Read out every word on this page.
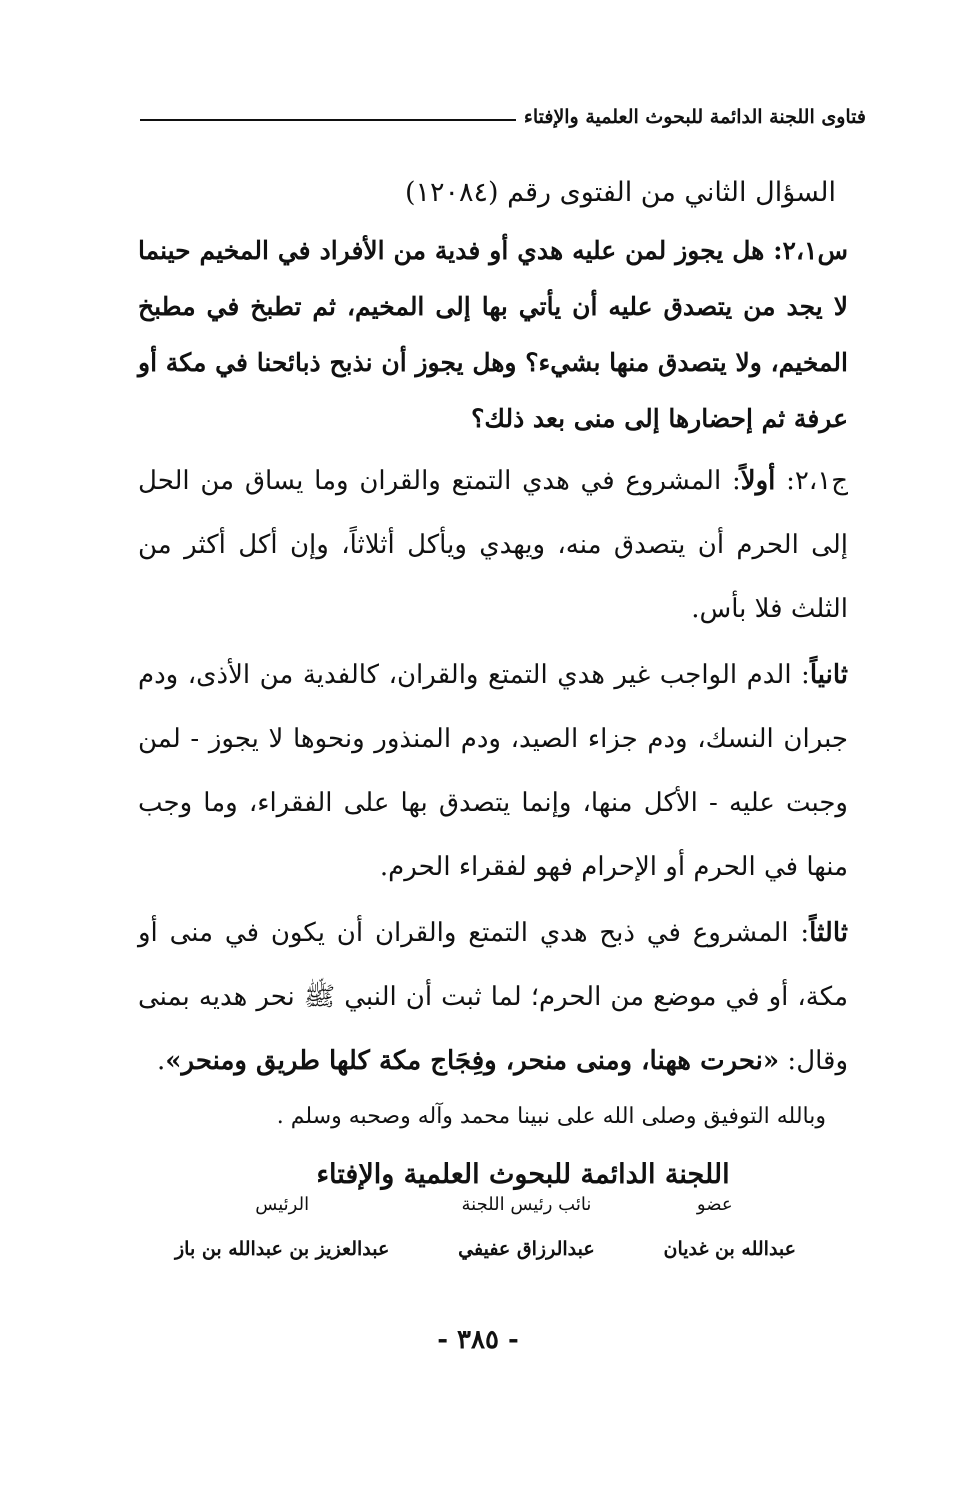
فتاوى اللجنة الدائمة للبحوث العلمية والإفتاء
السؤال الثاني من الفتوى رقم (١٢٠٨٤)
س٢،١: هل يجوز لمن عليه هدي أو فدية من الأفراد في المخيم حينما لا يجد من يتصدق عليه أن يأتي بها إلى المخيم، ثم تطبخ في مطبخ المخيم، ولا يتصدق منها بشيء؟ وهل يجوز أن نذبح ذبائحنا في مكة أو عرفة ثم إحضارها إلى منى بعد ذلك؟
ج٢،١: أولاً: المشروع في هدي التمتع والقران وما يساق من الحل إلى الحرم أن يتصدق منه، ويهدي ويأكل أثلاثاً، وإن أكل أكثر من الثلث فلا بأس.
ثانياً: الدم الواجب غير هدي التمتع والقران، كالفدية من الأذى، ودم جبران النسك، ودم جزاء الصيد، ودم المنذور ونحوها لا يجوز - لمن وجبت عليه - الأكل منها، وإنما يتصدق بها على الفقراء، وما وجب منها في الحرم أو الإحرام فهو لفقراء الحرم.
ثالثاً: المشروع في ذبح هدي التمتع والقران أن يكون في منى أو مكة، أو في موضع من الحرم؛ لما ثبت أن النبي ﷺ نحر هديه بمنى وقال: «نحرت ههنا، ومنى منحر، وفِجَاج مكة كلها طريق ومنحر».
وبالله التوفيق وصلى الله على نبينا محمد وآله وصحبه وسلم .
اللجنة الدائمة للبحوث العلمية والإفتاء
عضو
عبدالله بن غديان
نائب رئيس اللجنة
عبدالرزاق عفيفي
الرئيس
عبدالعزيز بن عبدالله بن باز
- ٣٨٥ -
